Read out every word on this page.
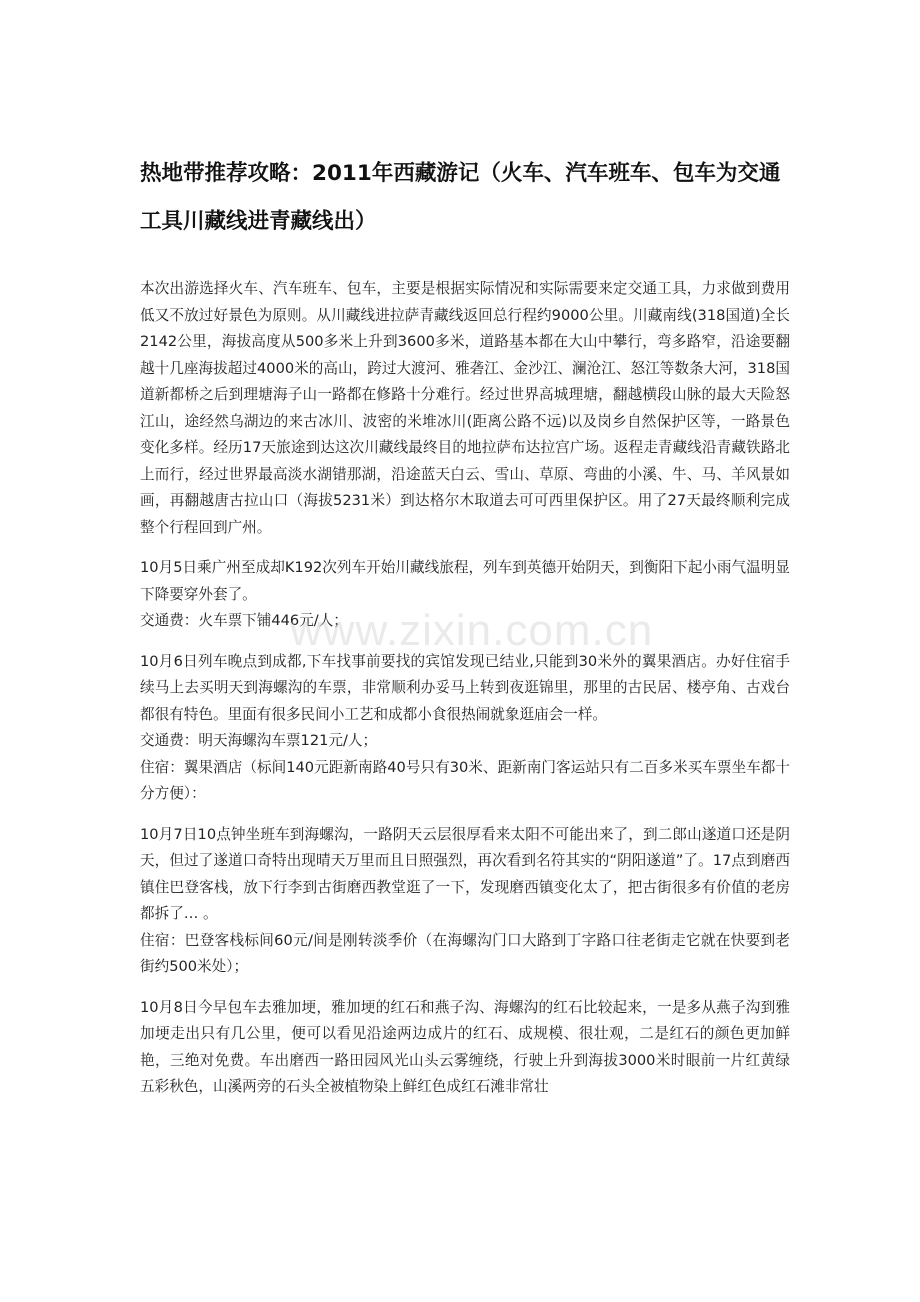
热地带推荐攻略：2011年西藏游记（火车、汽车班车、包车为交通工具川藏线进青藏线出）

本次出游选择火车、汽车班车、包车，主要是根据实际情况和实际需要来定交通工具，力求做到费用低又不放过好景色为原则。从川藏线进拉萨青藏线返回总行程约9000公里。川藏南线(318国道)全长2142公里，海拔高度从500多米上升到3600多米，道路基本都在大山中攀行，弯多路窄，沿途要翻越十几座海拔超过4000米的高山，跨过大渡河、雅砻江、金沙江、澜沧江、怒江等数条大河，318国道新都桥之后到理塘海子山一路都在修路十分难行。经过世界高城理塘，翻越横段山脉的最大天险怒江山，途经然乌湖边的来古冰川、波密的米堆冰川(距离公路不远)以及岗乡自然保护区等，一路景色变化多样。经历17天旅途到达这次川藏线最终目的地拉萨布达拉宫广场。返程走青藏线沿青藏铁路北上而行，经过世界最高淡水湖错那湖，沿途蓝天白云、雪山、草原、弯曲的小溪、牛、马、羊风景如画，再翻越唐古拉山口（海拔5231米）到达格尔木取道去可可西里保护区。用了27天最终顺利完成整个行程回到广州。

10月5日乘广州至成却K192次列车开始川藏线旅程，列车到英德开始阴天，到衡阳下起小雨气温明显下降要穿外套了。

交通费：火车票下铺446元/人；

10月6日列车晚点到成都,下车找事前要找的宾馆发现已结业,只能到30米外的翼果酒店。办好住宿手续马上去买明天到海螺沟的车票，非常顺利办妥马上转到夜逛锦里，那里的古民居、楼亭角、古戏台都很有特色。里面有很多民间小工艺和成都小食很热闹就象逛庙会一样。

交通费：明天海螺沟车票121元/人；

住宿：翼果酒店（标间140元距新南路40号只有30米、距新南门客运站只有二百多米买车票坐车都十分方便）：

10月7日10点钟坐班车到海螺沟，一路阴天云层很厚看来太阳不可能出来了，到二郎山遂道口还是阴天，但过了遂道口奇特出现晴天万里而且日照强烈，再次看到名符其实的“阴阳遂道”了。17点到磨西镇住巴登客栈，放下行李到古街磨西教堂逛了一下，发现磨西镇变化太了，把古街很多有价值的老房都拆了… 。

住宿：巴登客栈标间60元/间是刚转淡季价（在海螺沟门口大路到丁字路口往老街走它就在快要到老街约500米处）；

10月8日今早包车去雅加埂，雅加埂的红石和燕子沟、海螺沟的红石比较起来，一是多从燕子沟到雅加埂走出只有几公里，便可以看见沿途两边成片的红石、成规模、很壮观，二是红石的颜色更加鲜艳，三绝对免费。车出磨西一路田园风光山头云雾缠绕，行驶上升到海拔3000米时眼前一片红黄绿五彩秋色，山溪两旁的石头全被植物染上鲜红色成红石滩非常壮

www.zixin.com.cn
